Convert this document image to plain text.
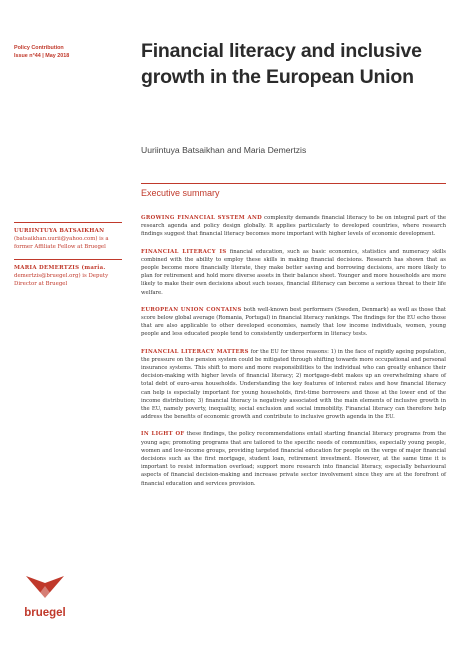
Policy Contribution
Issue n°44 | May 2018	Financial literacy and inclusive growth in the European Union
Uuriintuya Batsaikhan and Maria Demertzis
Executive summary

UURIINTUYA BATSAIKHAN

(batsaikhan.uurii@yahoo.com) is a former Affiliate Fellow at Bruegel

MARIA DEMERTZIS (maria.

demertzis@bruegel.org) is Deputy Director at Bruegel

GROWING FINANCIAL SYSTEM AND complexity demands financial literacy to be on integral part of the research agenda and policy design globally. It applies particularly to developed countries, where research findings suggest that financial literacy becomes more important with higher levels of economic development.

FINANCIAL LITERACY IS financial education, such as basic economics, statistics and numeracy skills combined with the ability to employ these skills in making financial decisions. Research has shown that as people become more financially literate, they make better saving and borrowing decisions, are more likely to plan for retirement and hold more diverse assets in their balance sheet. Younger and more households are more likely to make their own decisions about such issues, financial illiteracy can become a serious threat to their life welfare.

EUROPEAN UNION CONTAINS both well-known best performers (Sweden, Denmark) as well as those that score below global average (Romania, Portugal) in financial literacy rankings. The findings for the EU echo those that are also applicable to other developed economies, namely that low income individuals, women, young people and less educated people tend to consistently underperform in literacy tests.

FINANCIAL LITERACY MATTERS for the EU for three reasons: 1) in the face of rapidly ageing population, the pressure on the pension system could be mitigated through shifting towards more occupational and personal insurance systems. This shift to more and more responsibilities to the individual who can greatly enhance their decision-making with higher levels of financial literacy; 2) mortgage-debt makes up an overwhelming share of total debt of euro-area households. Understanding the key features of interest rates and how financial literacy can help is especially important for young households, first-time borrowers and those at the lower end of the income distribution; 3) financial literacy is negatively associated with the main elements of inclusive growth in the EU, namely poverty, inequality, social exclusion and social immobility. Financial literacy can therefore help address the benefits of economic growth and contribute to inclusive growth agenda in the EU.

IN LIGHT OF these findings, the policy recommendations entail starting financial literacy programs from the young age; promoting programs that are tailored to the specific needs of communities, especially young people, women and low-income groups, providing targeted financial education for people on the verge of major financial decisions such as the first mortgage, student loan, retirement investment. However, at the same time it is important to resist information overload; support more research into financial literacy, especially behavioural aspects of financial decision-making and increase private sector involvement since they are at the forefront of financial education and services provision.

bruegel
